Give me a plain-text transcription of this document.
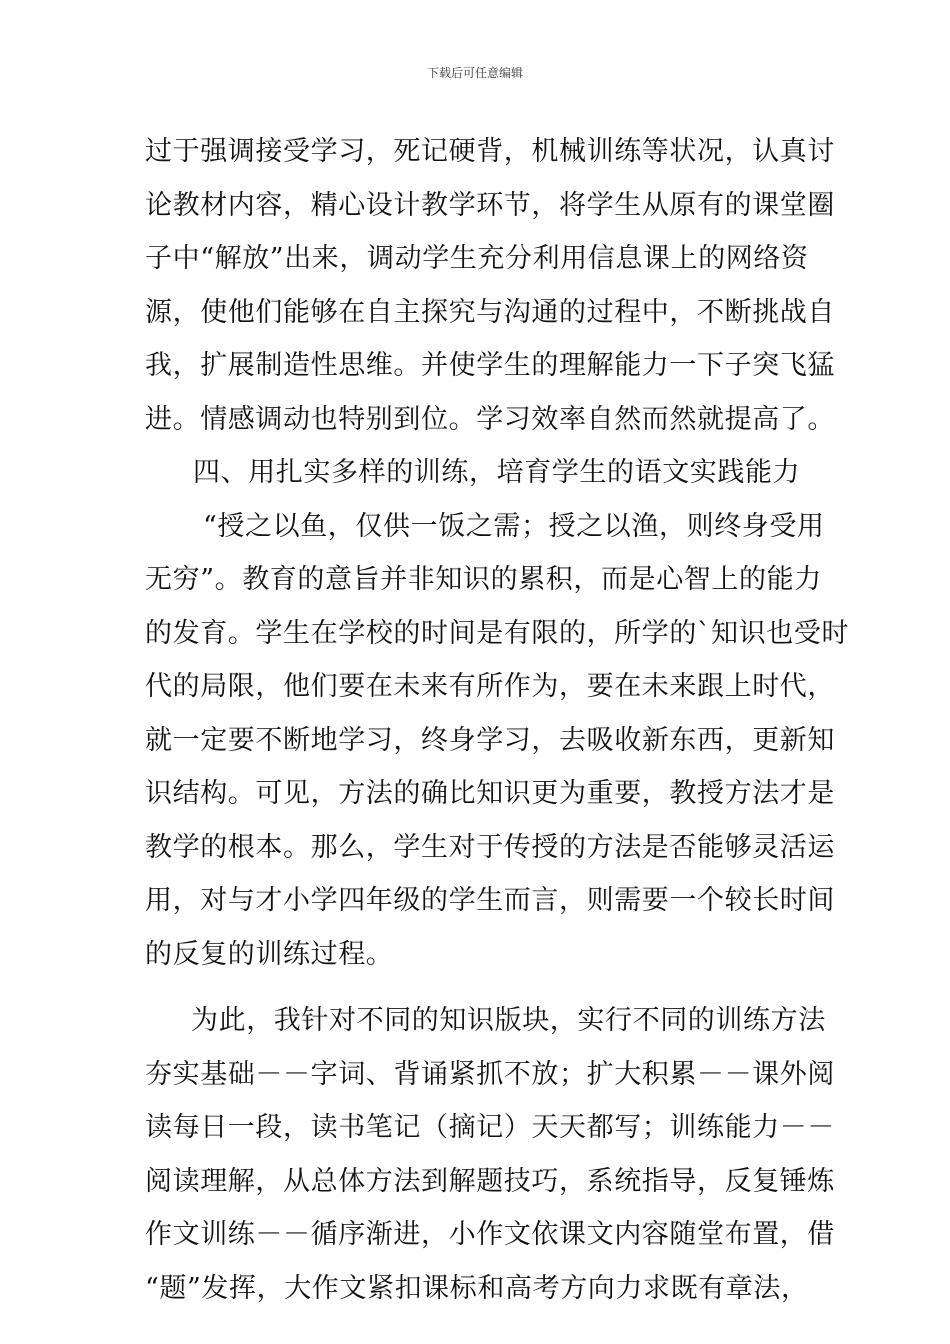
下载后可任意编辑
过于强调接受学习，死记硬背，机械训练等状况，认真讨
论教材内容，精心设计教学环节，将学生从原有的课堂圈
子中“解放”出来，调动学生充分利用信息课上的网络资
源，使他们能够在自主探究与沟通的过程中，不断挑战自
我，扩展制造性思维。并使学生的理解能力一下子突飞猛
进。情感调动也特别到位。学习效率自然而然就提高了。
四、用扎实多样的训练，培育学生的语文实践能力
“授之以鱼，仅供一饭之需；授之以渔，则终身受用
无穷”。教育的意旨并非知识的累积，而是心智上的能力
的发育。学生在学校的时间是有限的，所学的`知识也受时
代的局限，他们要在未来有所作为，要在未来跟上时代，
就一定要不断地学习，终身学习，去吸收新东西，更新知
识结构。可见，方法的确比知识更为重要，教授方法才是
教学的根本。那么，学生对于传授的方法是否能够灵活运
用，对与才小学四年级的学生而言，则需要一个较长时间
的反复的训练过程。
为此，我针对不同的知识版块，实行不同的训练方法
夯实基础－－字词、背诵紧抓不放；扩大积累－－课外阅
读每日一段，读书笔记（摘记）天天都写；训练能力－－
阅读理解，从总体方法到解题技巧，系统指导，反复锤炼
作文训练－－循序渐进，小作文依课文内容随堂布置，借
“题”发挥，大作文紧扣课标和高考方向力求既有章法，
